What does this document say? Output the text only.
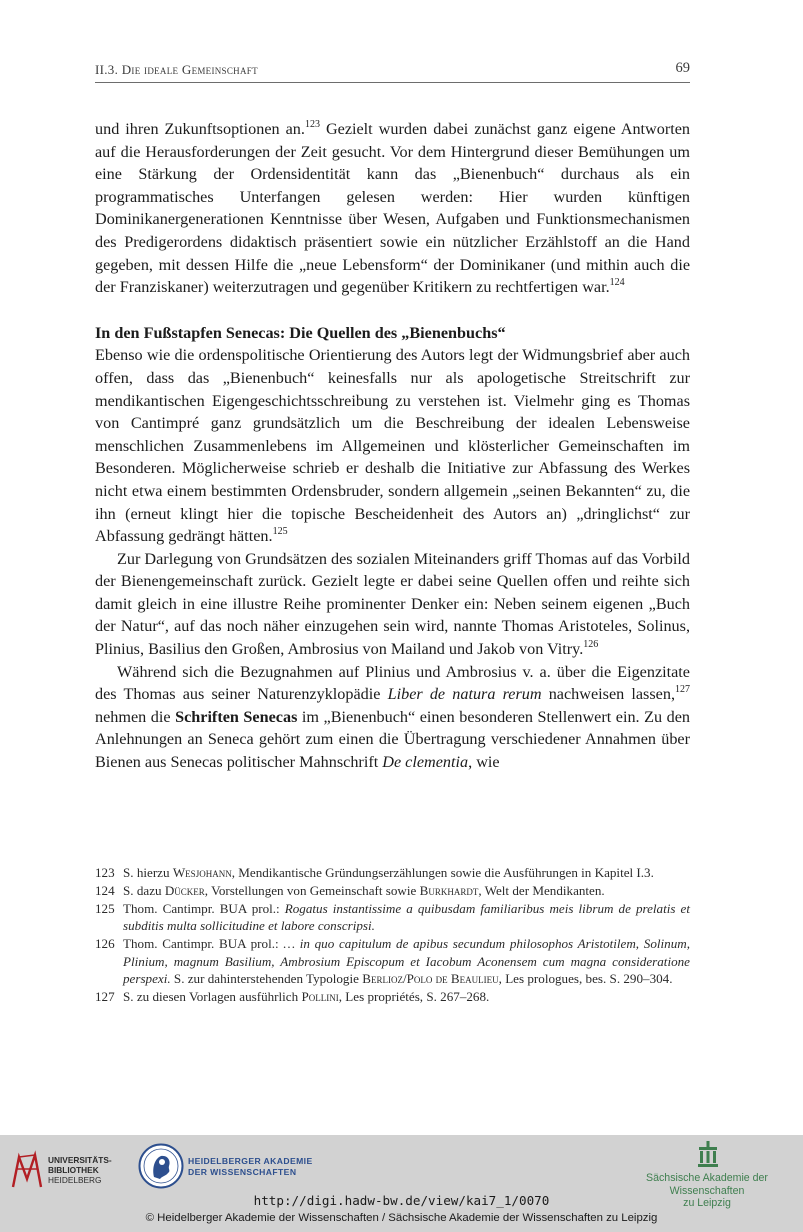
II.3. Die ideale Gemeinschaft	69

und ihren Zukunftsoptionen an.$^{123}$ Gezielt wurden dabei zunächst ganz eigene Antworten auf die Herausforderungen der Zeit gesucht. Vor dem Hintergrund dieser Bemühungen um eine Stärkung der Ordensidentität kann das „Bienenbuch“ durchaus als ein programmatisches Unterfangen gelesen werden: Hier wurden künftigen Dominikanergenerationen Kenntnisse über Wesen, Aufgaben und Funktionsmechanismen des Predigerordens didaktisch präsentiert sowie ein nützlicher Erzählstoff an die Hand gegeben, mit dessen Hilfe die „neue Lebensform“ der Dominikaner (und mithin auch die der Franziskaner) weiterzutragen und gegenüber Kritikern zu rechtfertigen war.$^{124}$

In den Fußstapfen Senecas: Die Quellen des „Bienenbuchs“

Ebenso wie die ordenspolitische Orientierung des Autors legt der Widmungsbrief aber auch offen, dass das „Bienenbuch“ keinesfalls nur als apologetische Streitschrift zur mendikantischen Eigengeschichtsschreibung zu verstehen ist. Vielmehr ging es Thomas von Cantimpré ganz grundsätzlich um die Beschreibung der idealen Lebensweise menschlichen Zusammenlebens im Allgemeinen und klösterlicher Gemeinschaften im Besonderen. Möglicherweise schrieb er deshalb die Initiative zur Abfassung des Werkes nicht etwa einem bestimmten Ordensbruder, sondern allgemein „seinen Bekannten“ zu, die ihn (erneut klingt hier die topische Bescheidenheit des Autors an) „dringlichst“ zur Abfassung gedrängt hätten.$^{125}$

Zur Darlegung von Grundsätzen des sozialen Miteinanders griff Thomas auf das Vorbild der Bienengemeinschaft zurück. Gezielt legte er dabei seine Quellen offen und reihte sich damit gleich in eine illustre Reihe prominenter Denker ein: Neben seinem eigenen „Buch der Natur“, auf das noch näher einzugehen sein wird, nannte Thomas Aristoteles, Solinus, Plinius, Basilius den Großen, Ambrosius von Mailand und Jakob von Vitry.$^{126}$

Während sich die Bezugnahmen auf Plinius und Ambrosius v. a. über die Eigenzitate des Thomas aus seiner Naturenzyklopädie Liber de natura rerum nachweisen lassen,$^{127}$ nehmen die Schriften Senecas im „Bienenbuch“ einen besonderen Stellenwert ein. Zu den Anlehnungen an Seneca gehört zum einen die Übertragung verschiedener Annahmen über Bienen aus Senecas politischer Mahnschrift De clementia, wie

123 S. hierzu Wesjohann, Mendikantische Gründungserzählungen sowie die Ausführungen in Kapitel I.3.
124 S. dazu Dücker, Vorstellungen von Gemeinschaft sowie Burkhardt, Welt der Mendikanten.
125 Thom. Cantimpr. BUA prol.: Rogatus instantissime a quibusdam familiaribus meis librum de prelatis et subditis multa sollicitudine et labore conscripsi.
126 Thom. Cantimpr. BUA prol.: … in quo capitulum de apibus secundum philosophos Aristotilem, Solinum, Plinium, magnum Basilium, Ambrosium Episcopum et Iacobum Aconensem cum magna consideratione perspexi. S. zur dahinterstehenden Typologie Berlioz/Polo de Beaulieu, Les prologues, bes. S. 290–304.
127 S. zu diesen Vorlagen ausführlich Pollini, Les propriétés, S. 267–268.
UNIVERSITÄTS-
BIBLIOTHEK
HEIDELBERG
HEIDELBERGER AKADEMIE
DER WISSENSCHAFTEN	Sächsische Akademie der Wissenschaften
zu Leipzig
http://digi.hadw-bw.de/view/kai7_1/0070
© Heidelberger Akademie der Wissenschaften / Sächsische Akademie der Wissenschaften zu Leipzig
